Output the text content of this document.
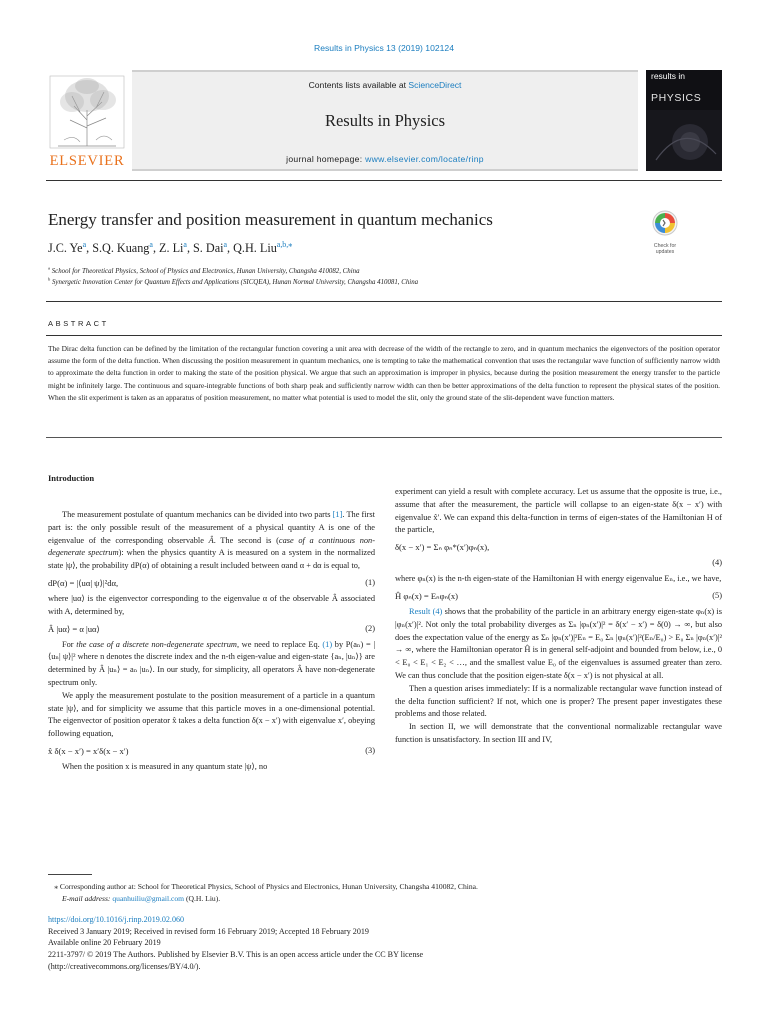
Results in Physics 13 (2019) 102124
ELSEVIER
Contents lists available at ScienceDirect
Results in Physics
journal homepage: www.elsevier.com/locate/rinp
results in
PHYSICS
Energy transfer and position measurement in quantum mechanics
Check for
updates
J.C. Ye$^a$, S.Q. Kuang$^a$, Z. Li$^a$, S. Dai$^a$, Q.H. Liu$^{a,b,⁎}$
$^a$ School for Theoretical Physics, School of Physics and Electronics, Hunan University, Changsha 410082, China
$^b$ Synergetic Innovation Center for Quantum Effects and Applications (SICQEA), Hunan Normal University, Changsha 410081, China
ABSTRACT
The Dirac delta function can be defined by the limitation of the rectangular function covering a unit area with decrease of the width of the rectangle to zero, and in quantum mechanics the eigenvectors of the position operator assume the form of the delta function. When discussing the position measurement in quantum mechanics, one is tempting to take the mathematical convention that uses the rectangular wave function of sufficiently narrow width to approximate the delta function in order to making the state of the position physical. We argue that such an approximation is improper in physics, because during the position measurement the energy transfer to the particle might be infinitely large. The continuous and square-integrable functions of both sharp peak and sufficiently narrow width can then be better approximations of the delta function to represent the physical states of the position. When the slit experiment is taken as an apparatus of position measurement, no matter what potential is used to model the slit, only the ground state of the slit-dependent wave function matters.
Introduction

The measurement postulate of quantum mechanics can be divided into two parts [1]. The first part is: the only possible result of the measurement of a physical quantity A is one of the eigenvalue of the corresponding observable Â. The second is (case of a continuous non-degenerate spectrum): when the physics quantity A is measured on a system in the normalized state |ψ⟩, the probability dP(α) of obtaining a result included between αand α + dα is equal to,

dP(α) = |⟨uα| ψ⟩|²dα,	(1)

where |uα⟩ is the eigenvector corresponding to the eigenvalue α of the observable Â associated with A, determined by,

Â |uα⟩ = α |uα⟩	(2)

For the case of a discrete non-degenerate spectrum, we need to replace Eq. (1) by P(aₙ) = |⟨uₙ| ψ⟩|² where n denotes the discrete index and the n-th eigen-value and eigen-state {aₙ, |uₙ⟩} are determined by Â |uₙ⟩ = aₙ |uₙ⟩. In our study, for simplicity, all operators Â have non-degenerate spectrum only.

We apply the measurement postulate to the position measurement of a particle in a quantum state |ψ⟩, and for simplicity we assume that this particle moves in a one-dimensional potential. The eigenvector of position operator x̂ takes a delta function δ(x − x′) with eigenvalue x′, obeying following equation,

x̂ δ(x − x′) = x′δ(x − x′)	(3)

When the position x is measured in any quantum state |ψ⟩, no

experiment can yield a result with complete accuracy. Let us assume that the opposite is true, i.e., assume that after the measurement, the particle will collapse to an eigen-state δ(x − x′) with eigenvalue x̂′. We can expand this delta-function in terms of eigen-states of the Hamiltonian H of the particle,

δ(x − x′) = Σₙ φₙ*(x′)φₙ(x),
(4)

where φₙ(x) is the n-th eigen-state of the Hamiltonian H with energy eigenvalue Eₙ, i.e., we have,

Ĥ φₙ(x) = Eₙφₙ(x)	(5)

Result (4) shows that the probability of the particle in an arbitrary energy eigen-state φₙ(x) is |φₙ(x′)|². Not only the total probability diverges as Σₙ |φₙ(x′)|² = δ(x′ − x′) = δ(0) → ∞, but also does the expectation value of the energy as Σₙ |φₙ(x′)|²Eₙ = E₀ Σₙ |φₙ(x′)|²(Eₙ/E₀) > E₀ Σₙ |φₙ(x′)|² → ∞, where the Hamiltonian operator Ĥ is in general self-adjoint and bounded from below, i.e., 0 < E₀ < E₁ < E₂ < …, and the smallest value E₀ of the eigenvalues is assumed greater than zero. We can thus conclude that the position eigen-state δ(x − x′) is not physical at all.

Then a question arises immediately: If is a normalizable rectangular wave function instead of the delta function sufficient? If not, which one is proper? The present paper investigates these problems and those related.

In section II, we will demonstrate that the conventional normalizable rectangular wave function is unsatisfactory. In section III and IV,

⁎ Corresponding author at: School for Theoretical Physics, School of Physics and Electronics, Hunan University, Changsha 410082, China.
E-mail address: quanhuiliu@gmail.com (Q.H. Liu).
https://doi.org/10.1016/j.rinp.2019.02.060
Received 3 January 2019; Received in revised form 16 February 2019; Accepted 18 February 2019
Available online 20 February 2019
2211-3797/ © 2019 The Authors. Published by Elsevier B.V. This is an open access article under the CC BY license
(http://creativecommons.org/licenses/BY/4.0/).
